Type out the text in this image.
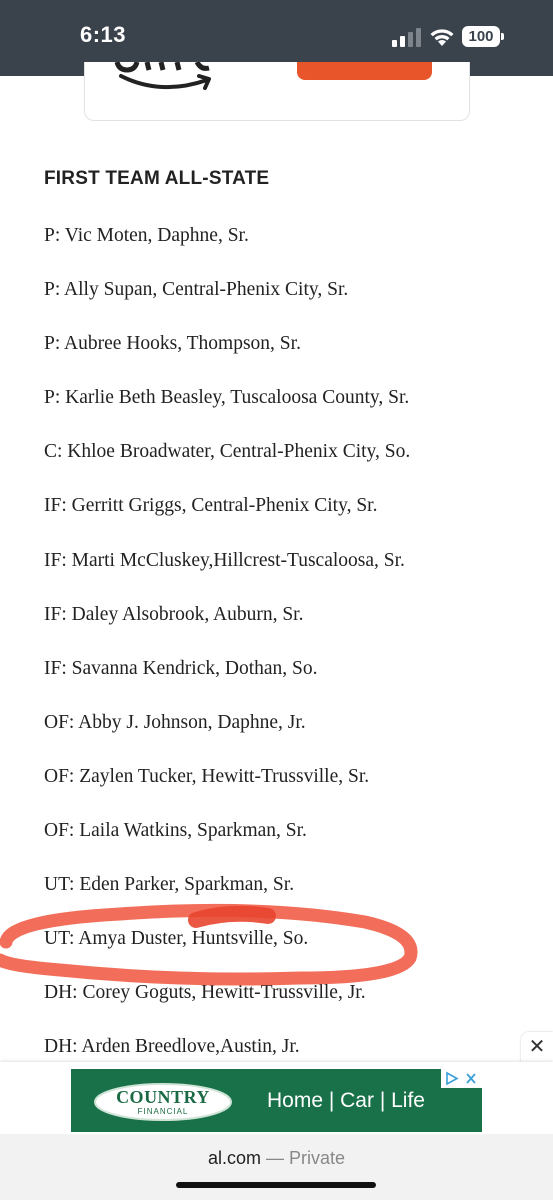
6:13	100
FIRST TEAM ALL-STATE
P: Vic Moten, Daphne, Sr.
P: Ally Supan, Central-Phenix City, Sr.
P: Aubree Hooks, Thompson, Sr.
P: Karlie Beth Beasley, Tuscaloosa County, Sr.
C: Khloe Broadwater, Central-Phenix City, So.
IF: Gerritt Griggs, Central-Phenix City, Sr.
IF: Marti McCluskey,Hillcrest-Tuscaloosa, Sr.
IF: Daley Alsobrook, Auburn, Sr.
IF: Savanna Kendrick, Dothan, So.
OF: Abby J. Johnson, Daphne, Jr.
OF: Zaylen Tucker, Hewitt-Trussville, Sr.
OF: Laila Watkins, Sparkman, Sr.
UT: Eden Parker, Sparkman, Sr.
UT: Amya Duster, Huntsville, So.
DH: Corey Goguts, Hewitt-Trussville, Jr.
DH: Arden Breedlove,Austin, Jr.	✕
COUNTRY
FINANCIAL	Home | Car | Life
al.com — Private
